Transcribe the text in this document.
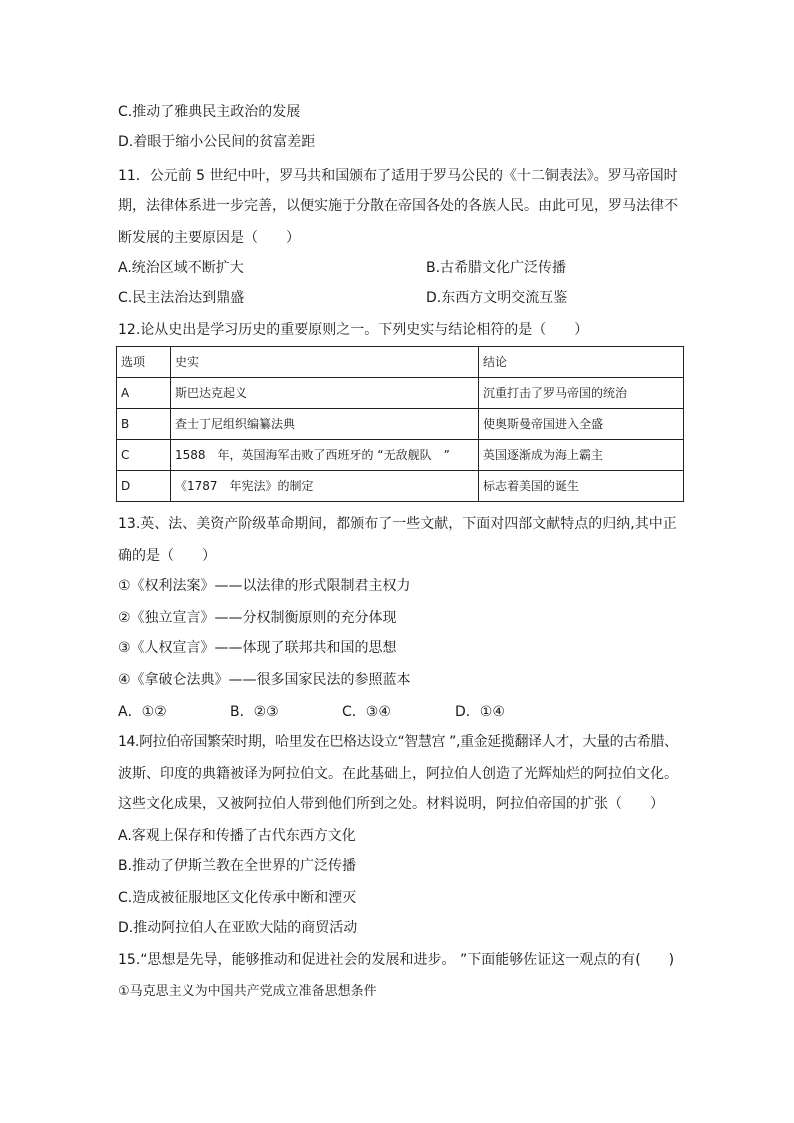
C.推动了雅典民主政治的发展
D.着眼于缩小公民间的贫富差距
11．公元前 5 世纪中叶，罗马共和国颁布了适用于罗马公民的《十二铜表法》。罗马帝国时
期，法律体系进一步完善，以便实施于分散在帝国各处的各族人民。由此可见，罗马法律不
断发展的主要原因是（　　）
A.统治区域不断扩大	B.古希腊文化广泛传播
C.民主法治达到鼎盛	D.东西方文明交流互鉴
12.论从史出是学习历史的重要原则之一。下列史实与结论相符的是（　　）
选项	史实	结论
A	斯巴达克起义	沉重打击了罗马帝国的统治
B	查士丁尼组织编纂法典	使奥斯曼帝国进入全盛
C	1588　年，英国海军击败了西班牙的 “无敌舰队　”	英国逐渐成为海上霸主
D	《1787　年宪法》的制定	标志着美国的诞生
13.英、法、美资产阶级革命期间，都颁布了一些文献，下面对四部文献特点的归纳,其中正
确的是（　　）
①《权利法案》——以法律的形式限制君主权力
②《独立宣言》——分权制衡原则的充分体现
③《人权宣言》——体现了联邦共和国的思想
④《拿破仑法典》——很多国家民法的参照蓝本
A．①②	B．②③	C．③④	D．①④
14.阿拉伯帝国繁荣时期，哈里发在巴格达设立“智慧宫 ”,重金延揽翻译人才，大量的古希腊、
波斯、印度的典籍被译为阿拉伯文。在此基础上，阿拉伯人创造了光辉灿烂的阿拉伯文化。
这些文化成果，又被阿拉伯人带到他们所到之处。材料说明，阿拉伯帝国的扩张（　　）
A.客观上保存和传播了古代东西方文化
B.推动了伊斯兰教在全世界的广泛传播
C.造成被征服地区文化传承中断和湮灭
D.推动阿拉伯人在亚欧大陆的商贸活动
15.“思想是先导，能够推动和促进社会的发展和进步。 ”下面能够佐证这一观点的有(　　)
①马克思主义为中国共产党成立准备思想条件
